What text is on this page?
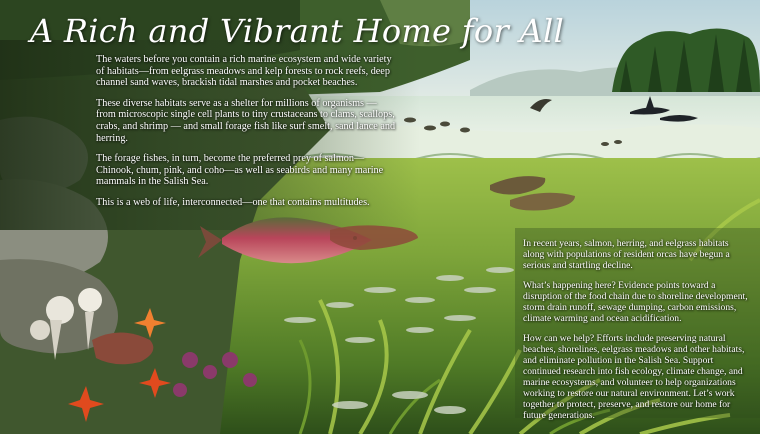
A Rich and Vibrant Home for All

The waters before you contain a rich marine ecosystem and wide variety of habitats—from eelgrass meadows and kelp forests to rock reefs, deep channel sand waves, brackish tidal marshes and pocket beaches.

These diverse habitats serve as a shelter for millions of organisms —from microscopic single cell plants to tiny crustaceans to clams, scallops, crabs, and shrimp — and small forage fish like surf smelt, sand lance and herring.

The forage fishes, in turn, become the preferred prey of salmon—Chinook, chum, pink, and coho—as well as seabirds and many marine mammals in the Salish Sea.

This is a web of life, interconnected—one that contains multitudes.

In recent years, salmon, herring, and eelgrass habitats along with populations of resident orcas have begun a serious and startling decline.

What’s happening here? Evidence points toward a disruption of the food chain due to shoreline development, storm drain runoff, sewage dumping, carbon emissions, climate warming and ocean acidification.

How can we help? Efforts include preserving natural beaches, shorelines, eelgrass meadows and other habitats, and eliminate pollution in the Salish Sea. Support continued research into fish ecology, climate change, and marine ecosystems, and volunteer to help organizations working to restore our natural environment. Let’s work together to protect, preserve, and restore our home for future generations.
